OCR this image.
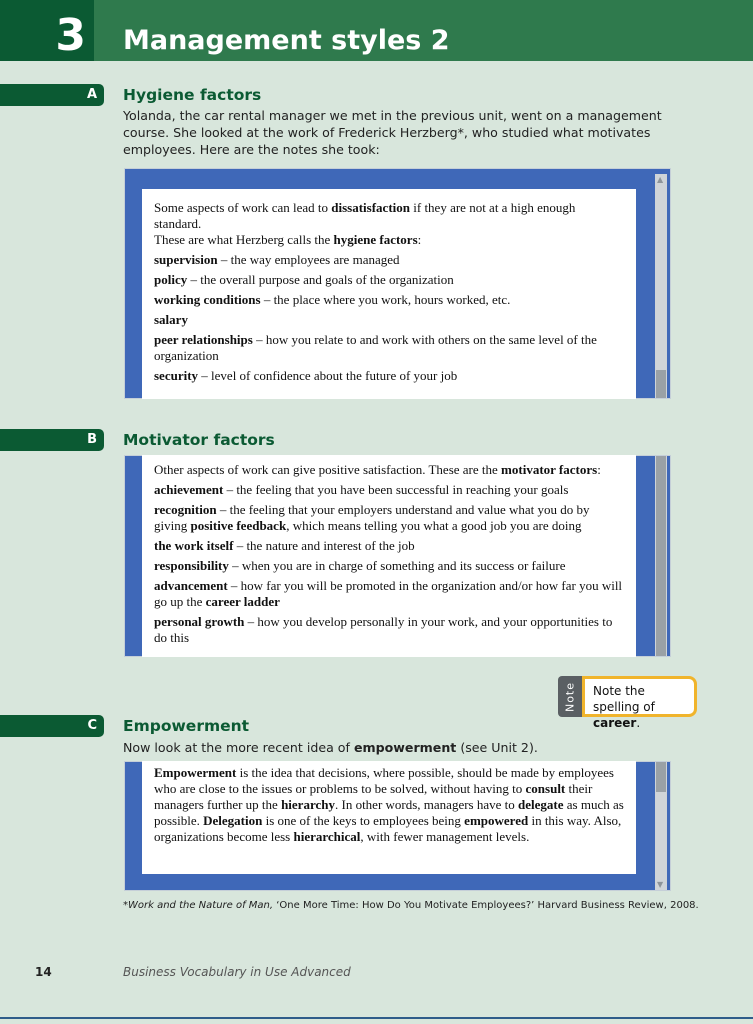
3 Management styles 2
A	Hygiene factors
Yolanda, the car rental manager we met in the previous unit, went on a management course. She looked at the work of Frederick Herzberg*, who studied what motivates employees. Here are the notes she took:
Some aspects of work can lead to dissatisfaction if they are not at a high enough standard.
These are what Herzberg calls the hygiene factors:

supervision – the way employees are managed

policy – the overall purpose and goals of the organization

working conditions – the place where you work, hours worked, etc.

salary

peer relationships – how you relate to and work with others on the same level of the organization

security – level of confidence about the future of your job

▲
B	Motivator factors

Other aspects of work can give positive satisfaction. These are the motivator factors:

achievement – the feeling that you have been successful in reaching your goals

recognition – the feeling that your employers understand and value what you do by giving positive feedback, which means telling you what a good job you are doing

the work itself – the nature and interest of the job

responsibility – when you are in charge of something and its success or failure

advancement – how far you will be promoted in the organization and/or how far you will go up the career ladder

personal growth – how you develop personally in your work, and your opportunities to do this

Note	Note the spelling of career.
C	Empowerment
Now look at the more recent idea of empowerment (see Unit 2).

Empowerment is the idea that decisions, where possible, should be made by employees who are close to the issues or problems to be solved, without having to consult their managers further up the hierarchy. In other words, managers have to delegate as much as possible. Delegation is one of the keys to employees being empowered in this way. Also, organizations become less hierarchical, with fewer management levels.

▼
*Work and the Nature of Man, ‘One More Time: How Do You Motivate Employees?’ Harvard Business Review, 2008.
14	Business Vocabulary in Use Advanced
